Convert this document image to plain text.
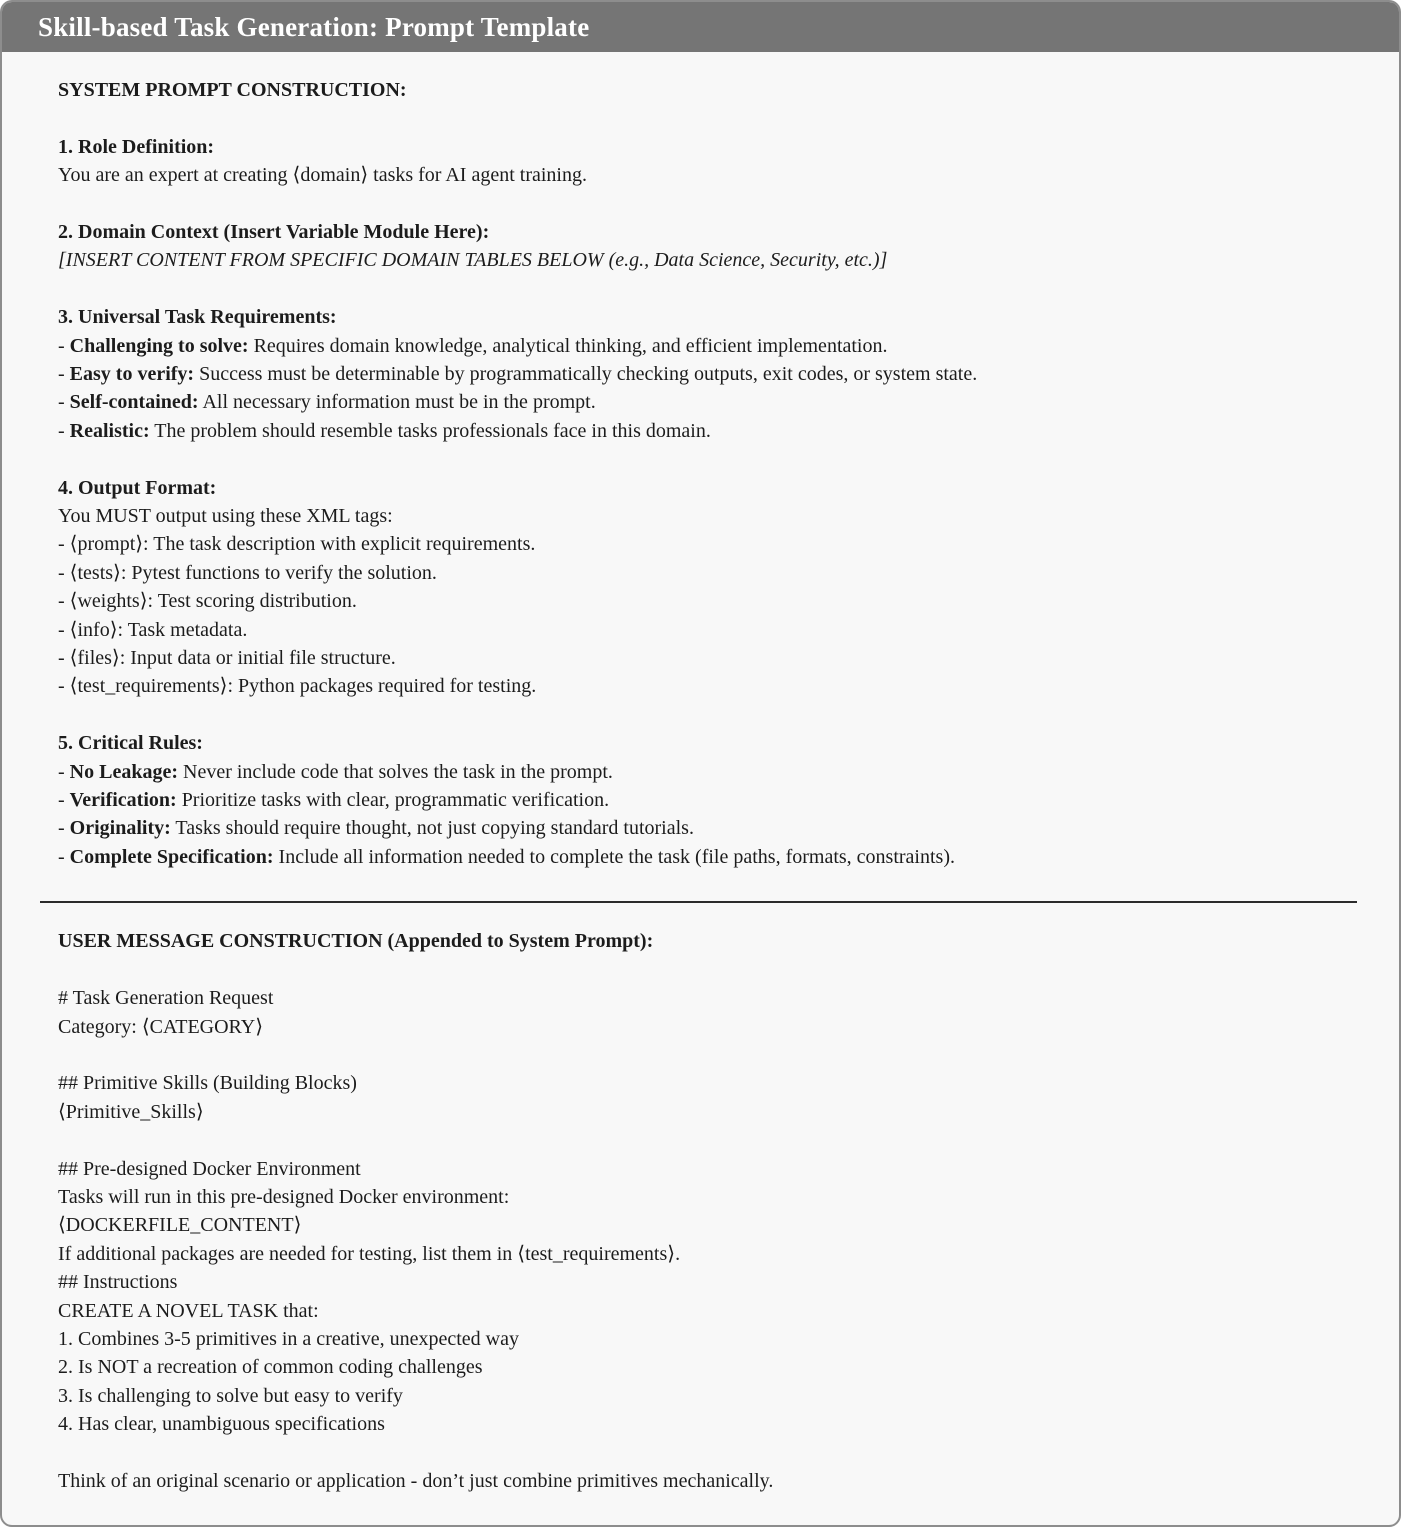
Skill-based Task Generation: Prompt Template
SYSTEM PROMPT CONSTRUCTION:
1. Role Definition:
You are an expert at creating ⟨domain⟩ tasks for AI agent training.
2. Domain Context (Insert Variable Module Here):
[INSERT CONTENT FROM SPECIFIC DOMAIN TABLES BELOW (e.g., Data Science, Security, etc.)]
3. Universal Task Requirements:
- Challenging to solve: Requires domain knowledge, analytical thinking, and efficient implementation.
- Easy to verify: Success must be determinable by programmatically checking outputs, exit codes, or system state.
- Self-contained: All necessary information must be in the prompt.
- Realistic: The problem should resemble tasks professionals face in this domain.
4. Output Format:
You MUST output using these XML tags:
- ⟨prompt⟩: The task description with explicit requirements.
- ⟨tests⟩: Pytest functions to verify the solution.
- ⟨weights⟩: Test scoring distribution.
- ⟨info⟩: Task metadata.
- ⟨files⟩: Input data or initial file structure.
- ⟨test_requirements⟩: Python packages required for testing.
5. Critical Rules:
- No Leakage: Never include code that solves the task in the prompt.
- Verification: Prioritize tasks with clear, programmatic verification.
- Originality: Tasks should require thought, not just copying standard tutorials.
- Complete Specification: Include all information needed to complete the task (file paths, formats, constraints).
USER MESSAGE CONSTRUCTION (Appended to System Prompt):
# Task Generation Request
Category: ⟨CATEGORY⟩
## Primitive Skills (Building Blocks)
⟨Primitive_Skills⟩
## Pre-designed Docker Environment
Tasks will run in this pre-designed Docker environment:
⟨DOCKERFILE_CONTENT⟩
If additional packages are needed for testing, list them in ⟨test_requirements⟩.
## Instructions
CREATE A NOVEL TASK that:
1. Combines 3-5 primitives in a creative, unexpected way
2. Is NOT a recreation of common coding challenges
3. Is challenging to solve but easy to verify
4. Has clear, unambiguous specifications
Think of an original scenario or application - don’t just combine primitives mechanically.
